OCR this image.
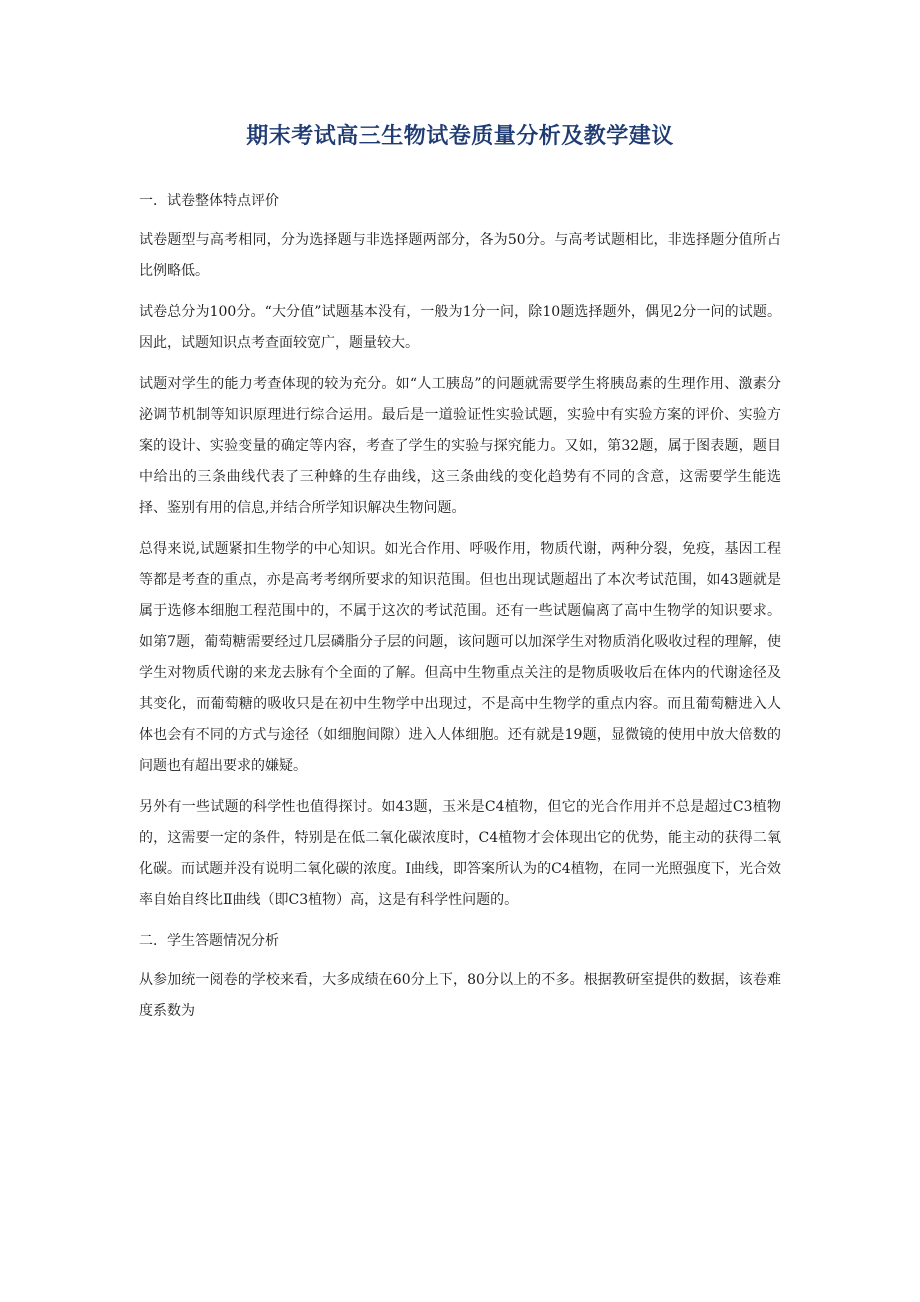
期末考试高三生物试卷质量分析及教学建议
一．试卷整体特点评价

试卷题型与高考相同，分为选择题与非选择题两部分，各为50分。与高考试题相比，非选择题分值所占比例略低。

试卷总分为100分。“大分值”试题基本没有，一般为1分一问，除10题选择题外，偶见2分一问的试题。因此，试题知识点考查面较宽广，题量较大。

试题对学生的能力考查体现的较为充分。如“人工胰岛”的问题就需要学生将胰岛素的生理作用、激素分泌调节机制等知识原理进行综合运用。最后是一道验证性实验试题，实验中有实验方案的评价、实验方案的设计、实验变量的确定等内容，考查了学生的实验与探究能力。又如，第32题，属于图表题，题目中给出的三条曲线代表了三种蜂的生存曲线，这三条曲线的变化趋势有不同的含意，这需要学生能选择、鉴别有用的信息,并结合所学知识解决生物问题。

总得来说,试题紧扣生物学的中心知识。如光合作用、呼吸作用，物质代谢，两种分裂，免疫，基因工程等都是考查的重点，亦是高考考纲所要求的知识范围。但也出现试题超出了本次考试范围，如43题就是属于选修本细胞工程范围中的，不属于这次的考试范围。还有一些试题偏离了高中生物学的知识要求。如第7题，葡萄糖需要经过几层磷脂分子层的问题，该问题可以加深学生对物质消化吸收过程的理解，使学生对物质代谢的来龙去脉有个全面的了解。但高中生物重点关注的是物质吸收后在体内的代谢途径及其变化，而葡萄糖的吸收只是在初中生物学中出现过，不是高中生物学的重点内容。而且葡萄糖进入人体也会有不同的方式与途径（如细胞间隙）进入人体细胞。还有就是19题，显微镜的使用中放大倍数的问题也有超出要求的嫌疑。

另外有一些试题的科学性也值得探讨。如43题，玉米是C4植物，但它的光合作用并不总是超过C3植物的，这需要一定的条件，特别是在低二氧化碳浓度时，C4植物才会体现出它的优势，能主动的获得二氧化碳。而试题并没有说明二氧化碳的浓度。Ⅰ曲线，即答案所认为的C4植物，在同一光照强度下，光合效率自始自终比Ⅱ曲线（即C3植物）高，这是有科学性问题的。

二．学生答题情况分析

从参加统一阅卷的学校来看，大多成绩在60分上下，80分以上的不多。根据教研室提供的数据，该卷难度系数为
